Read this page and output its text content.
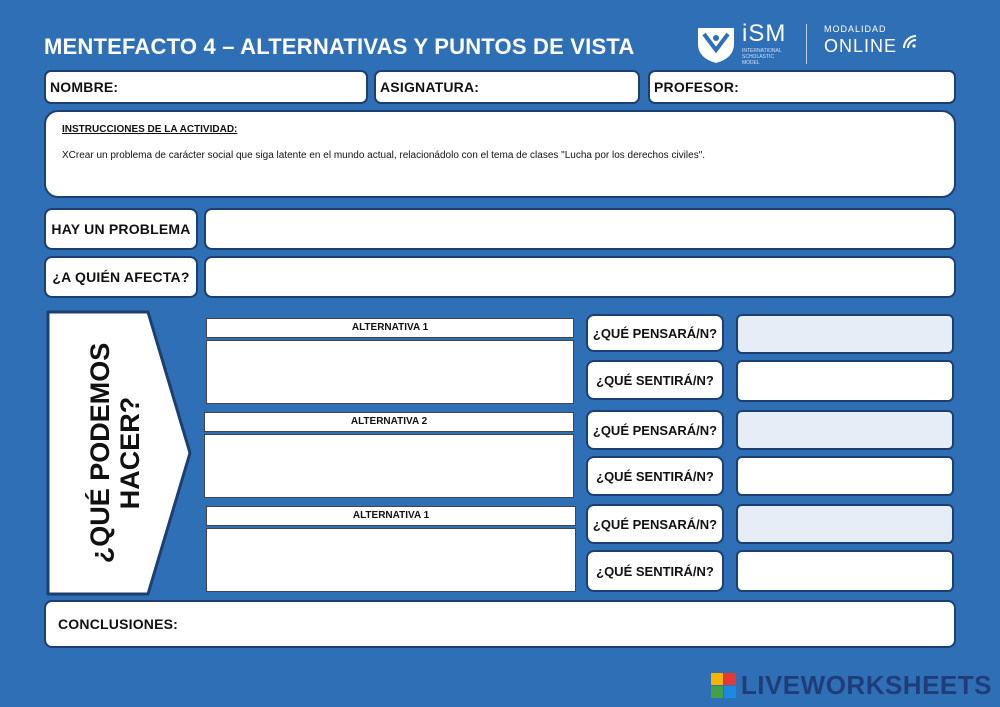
MENTEFACTO 4 – ALTERNATIVAS Y PUNTOS DE VISTA	iSM
INTERNATIONAL SCHOLASTIC MODEL
MODALIDAD
ONLINE
NOMBRE:	ASIGNATURA:	PROFESOR:
INSTRUCCIONES DE LA ACTIVIDAD:
XCrear un problema de carácter social que siga latente en el mundo actual, relacionádolo con el tema de clases "Lucha por los derechos civiles".
HAY UN PROBLEMA
¿A QUIÉN AFECTA?
¿QUÉ PODEMOS HACER?
ALTERNATIVA 1	¿QUÉ PENSARÁ/N?
¿QUÉ SENTIRÁ/N?
ALTERNATIVA 2
¿QUÉ PENSARÁ/N?
¿QUÉ SENTIRÁ/N?
ALTERNATIVA 1
¿QUÉ PENSARÁ/N?
¿QUÉ SENTIRÁ/N?
CONCLUSIONES:
LIVEWORKSHEETS
